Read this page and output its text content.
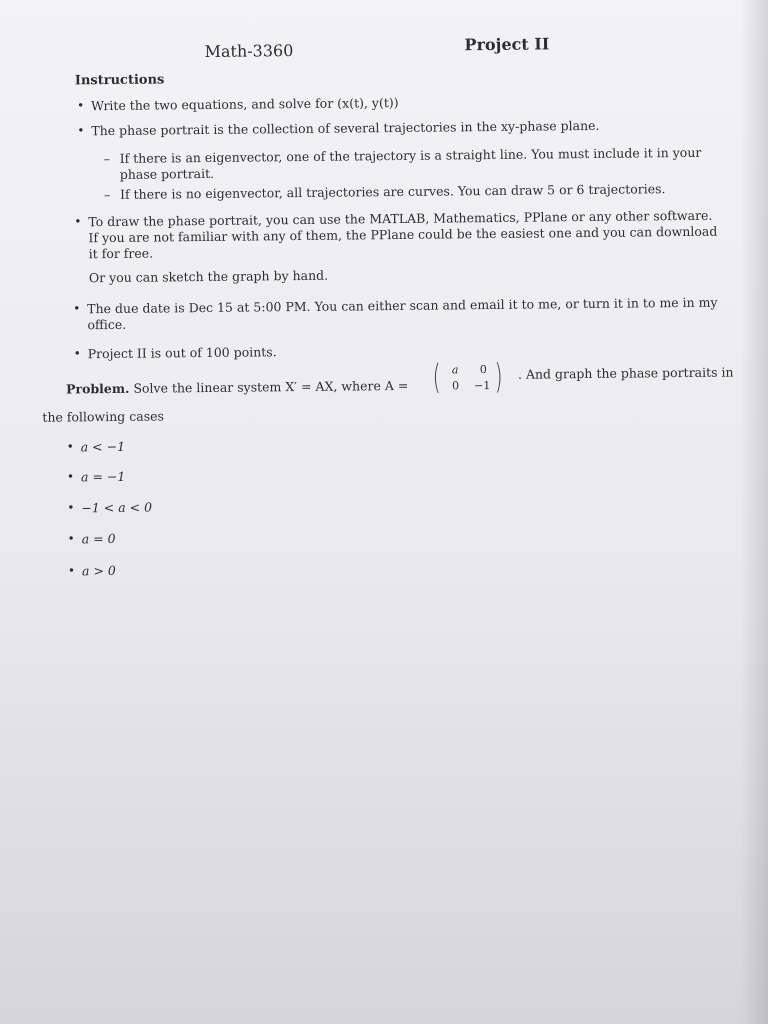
Math-3360	Project II
Instructions
• Write the two equations, and solve for (x(t), y(t))
• The phase portrait is the collection of several trajectories in the xy-phase plane.
– If there is an eigenvector, one of the trajectory is a straight line. You must include it in your
phase portrait.
– If there is no eigenvector, all trajectories are curves. You can draw 5 or 6 trajectories.
• To draw the phase portrait, you can use the MATLAB, Mathematics, PPlane or any other software.
If you are not familiar with any of them, the PPlane could be the easiest one and you can download
it for free.
Or you can sketch the graph by hand.
• The due date is Dec 15 at 5:00 PM. You can either scan and email it to me, or turn it in to me in my
office.
• Project II is out of 100 points.
Problem. Solve the linear system X′ = AX, where A = ( a 0
0 −1 ) . And graph the phase portraits in
the following cases
• a < −1
• a = −1
• −1 < a < 0
• a = 0
• a > 0
